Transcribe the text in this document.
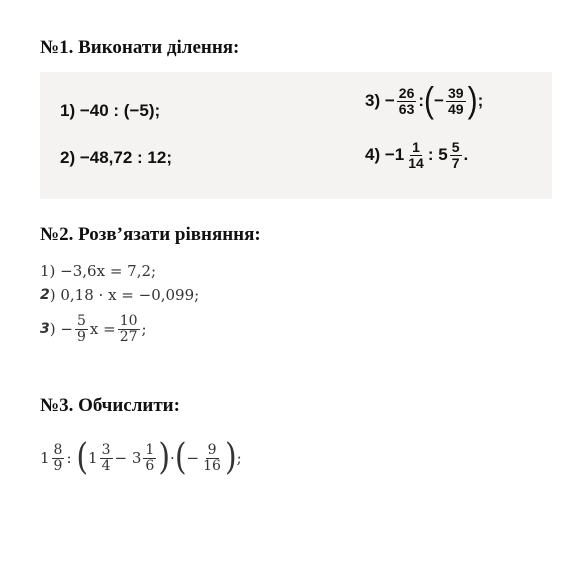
№1. Виконати ділення:
1) −40 : (−5);
2) −48,72 : 12;
3)
− $\frac{26}{63}$ : ( − $\frac{39}{49}$ ) ;
4)
− $1 \frac{1}{14}$ :
$5 \frac{5}{7}$ .
№2. Розв’язати рівняння:
1) −3,6x = 7,2;
2 ) 0,18 · x = −0,099;
3 )
− $\frac{5}{9}$ $x = \frac{10}{27}$ ;
№3. Обчислити:
$1 \frac{8}{9}$ :
( $1 \frac{3}{4}$ −
$3 \frac{1}{6}$ ) · ( − $\frac{9}{16}$ ) ;
